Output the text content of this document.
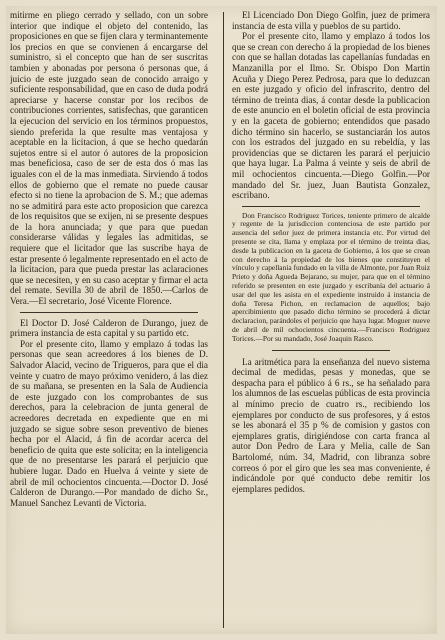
mitirme en pliego cerrado y sellado, con un sobre interior que indique el objeto del contenido, las proposiciones en que se fijen clara y terminantemente los precios en que se convienen á encargarse del suministro, si el concepto que han de ser suscritas tambien y abonadas por persona ó personas que, á juicio de este juzgado sean de conocido arraigo y suficiente responsabilidad, que en caso de duda podrá apreciarse y hacerse constar por los recibos de contribuciones corrientes, satisfechas, que garanticen la ejecucion del servicio en los términos propuestos, siendo preferida la que resulte mas ventajosa y aceptable en la licitacion, á que se hecho quedarán sujetos entre si el autor ó autores de la proposicion mas beneficiosa, caso de ser de esta dos ó mas las iguales con el de la mas inmediata. Sirviendo á todos ellos de gobierno que el remate no puede causar efecto si no tiene la aprobacion de S. M.; que ademas no se admitirá para este acto proposicion que carezca de los requisitos que se exijen, ni se presente despues de la hora anunciada; y que para que puedan considerarse válidas y legales las admitidas, se requiere que el licitador que las suscribe haya de estar presente ó legalmente representado en el acto de la licitacion, para que pueda prestar las aclaraciones que se necesiten, y en su caso aceptar y firmar el acta del remate. Sevilla 30 de abril de 1850.—Carlos de Vera.—El secretario, José Vicente Florence.

El Doctor D. José Calderon de Durango, juez de primera instancia de esta capital y su partido etc.

Por el presente cito, llamo y emplazo á todas las personas que sean acreedores á los bienes de D. Salvador Alacid, vecino de Trigueros, para que el dia veinte y cuatro de mayo próximo venidero, á las diez de su mañana, se presenten en la Sala de Audiencia de este juzgado con los comprobantes de sus derechos, para la celebracion de junta general de acreedores decretada en expediente que en mi juzgado se sigue sobre seson preventivo de bienes hecha por el Alacid, á fin de acordar acerca del beneficio de quita que este solicita; en la inteligencia que de no presentarse les parará el perjuicio que hubiere lugar. Dado en Huelva á veinte y siete de abril de mil ochocientos cincuenta.—Doctor D. José Calderon de Durango.—Por mandado de dicho Sr., Manuel Sanchez Levanti de Victoria.

El Licenciado Don Diego Golfin, juez de primera instancia de esta villa y pueblos de su partido.

Por el presente cito, llamo y emplazo á todos los que se crean con derecho á la propiedad de los bienes con que se hallan dotadas las capellanías fundadas en Manzanilla por el Ilmo. Sr. Obispo Don Martin Acuña y Diego Perez Pedrosa, para que lo deduzcan en este juzgado y oficio del infrascrito, dentro del término de treinta dias, á contar desde la publicacion de este anuncio en el boletin oficial de esta provincia y en la gaceta de gobierno; entendidos que pasado dicho término sin hacerlo, se sustanciarán los autos con los estrados del juzgado en su rebeldía, y las providencias que se dictaren les parará el perjuicio que haya lugar. La Palma á veinte y seis de abril de mil ochocientos cincuenta.—Diego Golfin.—Por mandado del Sr. juez, Juan Bautista Gonzalez, escribano.

Don Francisco Rodriguez Torices, teniente primero de alcalde y regente de la jurisdiccion contenciosa de este partido por ausencia del señor juez de primera instancia etc. Por virtud del presente se cita, llama y emplaza por el término de treinta dias, desde la publicacion en la gaceta de Gobierno, á los que se crean con derecho á la propiedad de los bienes que constituyen el vínculo y capellanía fundado en la villa de Almonte, por Juan Ruiz Prieto y doña Agueda Bejarano, su mujer, para que en el término referido se presenten en este juzgado y escribanía del actuario á usar del que les asista en el expediente instruido á instancia de doña Teresa Pichon, en reclamacion de aquellos; bajo apercibimiento que pasado dicho término se procederá á dictar declaracion, parándoles el perjuicio que haya lugar. Moguer nueve de abril de mil ochocientos cincuenta.—Francisco Rodriguez Torices.—Por su mandado, José Joaquin Rasco.

La aritmética para la enseñanza del nuevo sistema decimal de medidas, pesas y monedas, que se despacha para el público á 6 rs., se ha señalado para los alumnos de las escuelas públicas de esta provincia al mínimo precio de cuatro rs., recibiendo los ejemplares por conducto de sus profesores, y á estos se les abonará el 35 p % de comision y gastos con ejemplares gratis, dirigiéndose con carta franca al autor Don Pedro de Lara y Melia, calle de San Bartolomé, núm. 34, Madrid, con libranza sobre correos ó por el giro que les sea mas conveniente, é indicándole por qué conducto debe remitir los ejemplares pedidos.
